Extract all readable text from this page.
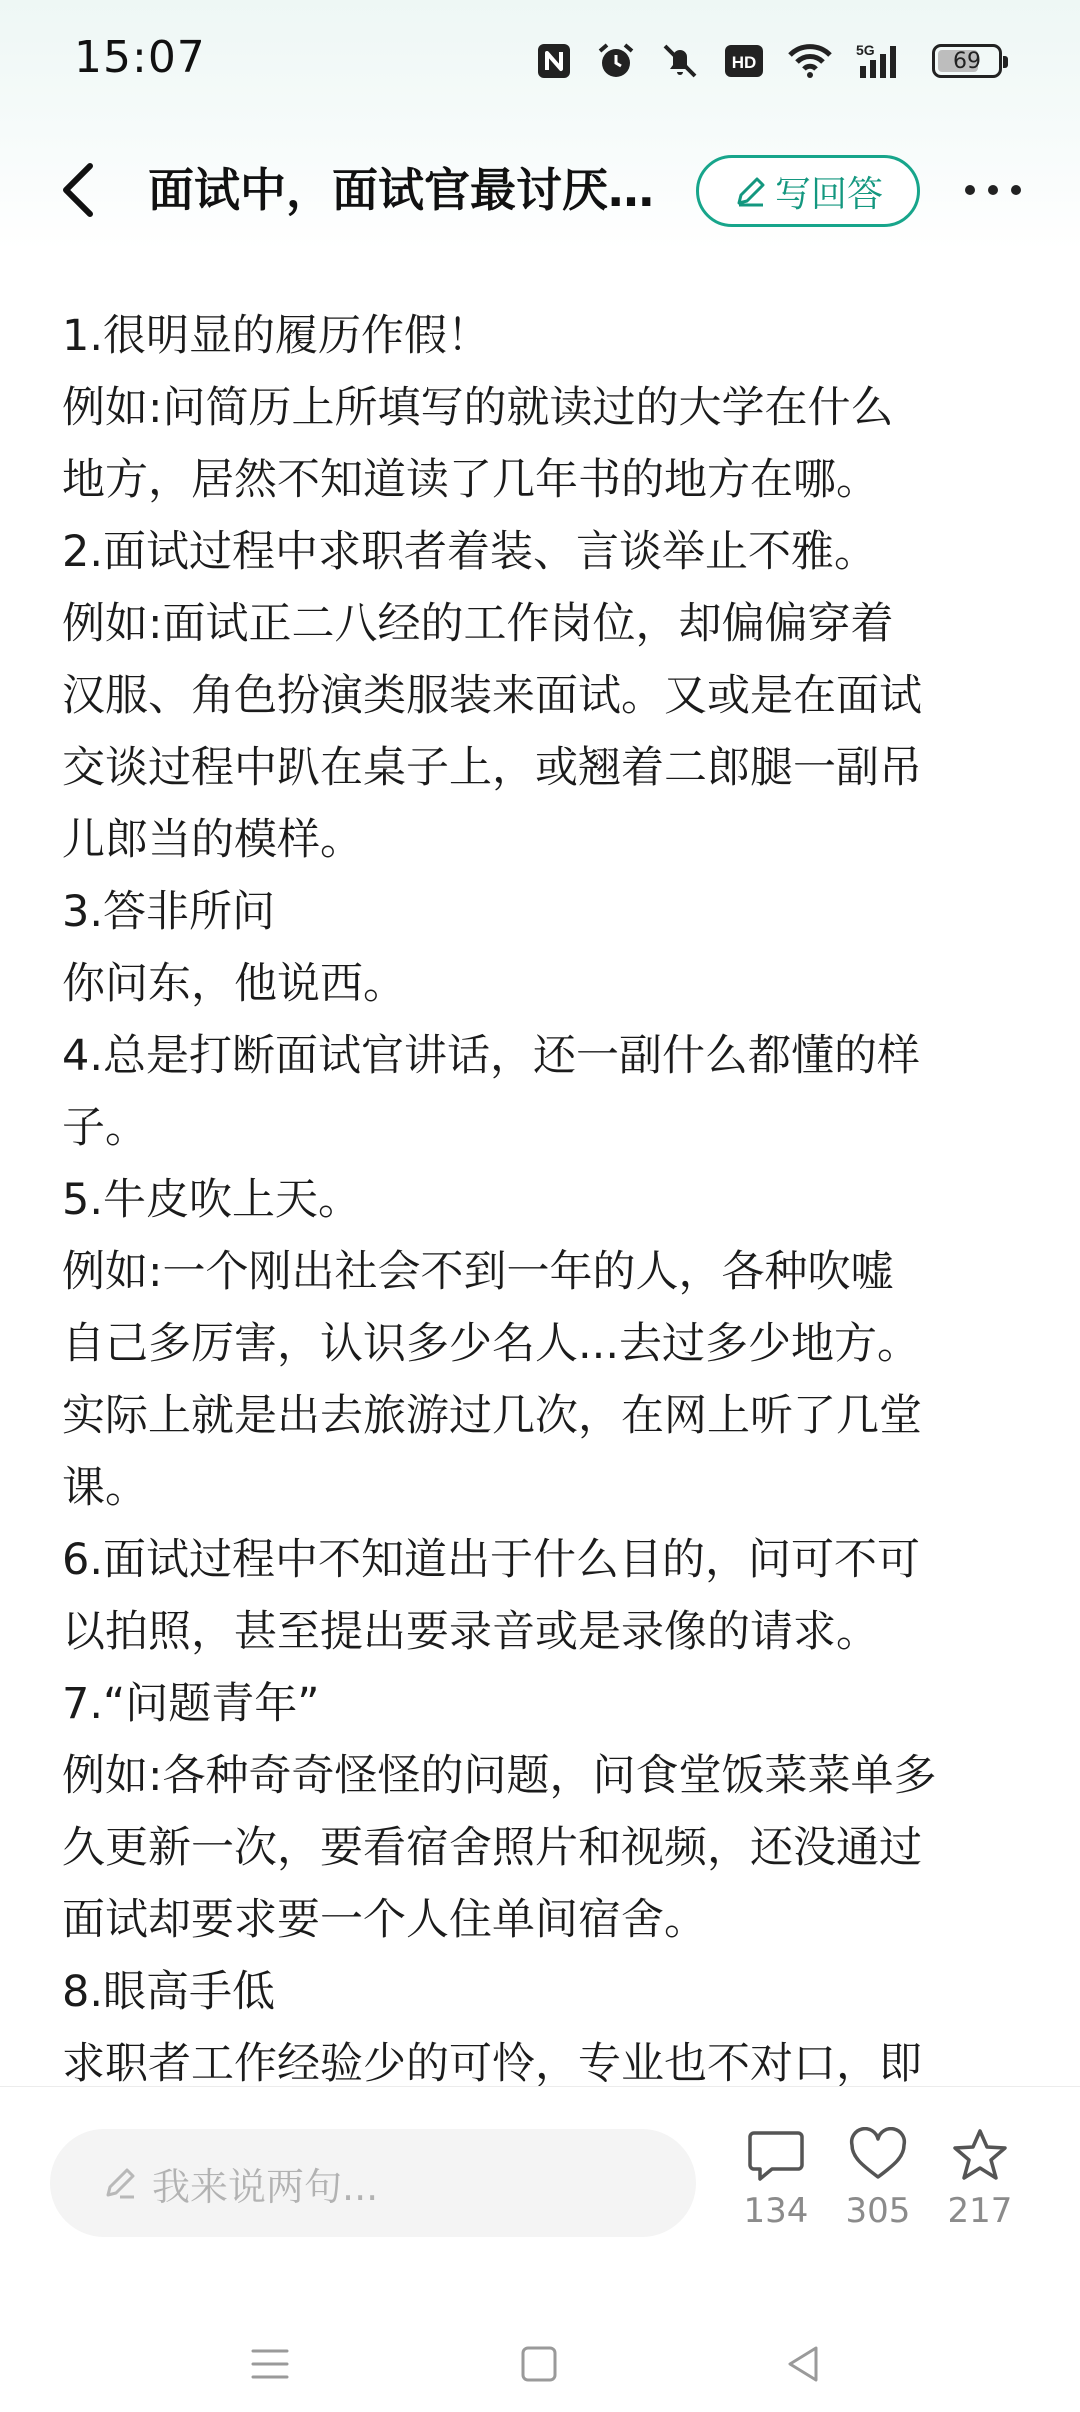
15:07	HD
5G	69
面试中，面试官最讨厌…	写回答
1.很明显的履历作假！
例如:问简历上所填写的就读过的大学在什么
地方，居然不知道读了几年书的地方在哪。
2.面试过程中求职者着装、言谈举止不雅。
例如:面试正二八经的工作岗位，却偏偏穿着
汉服、角色扮演类服装来面试。又或是在面试
交谈过程中趴在桌子上，或翘着二郎腿一副吊
儿郎当的模样。
3.答非所问
你问东，他说西。
4.总是打断面试官讲话，还一副什么都懂的样
子。
5.牛皮吹上天。
例如:一个刚出社会不到一年的人，各种吹嘘
自己多厉害，认识多少名人...去过多少地方。
实际上就是出去旅游过几次，在网上听了几堂
课。
6.面试过程中不知道出于什么目的，问可不可
以拍照，甚至提出要录音或是录像的请求。
7.“问题青年”
例如:各种奇奇怪怪的问题，问食堂饭菜菜单多
久更新一次，要看宿舍照片和视频，还没通过
面试却要求要一个人住单间宿舍。
8.眼高手低
求职者工作经验少的可怜，专业也不对口，即
我来说两句...
134 305 217
